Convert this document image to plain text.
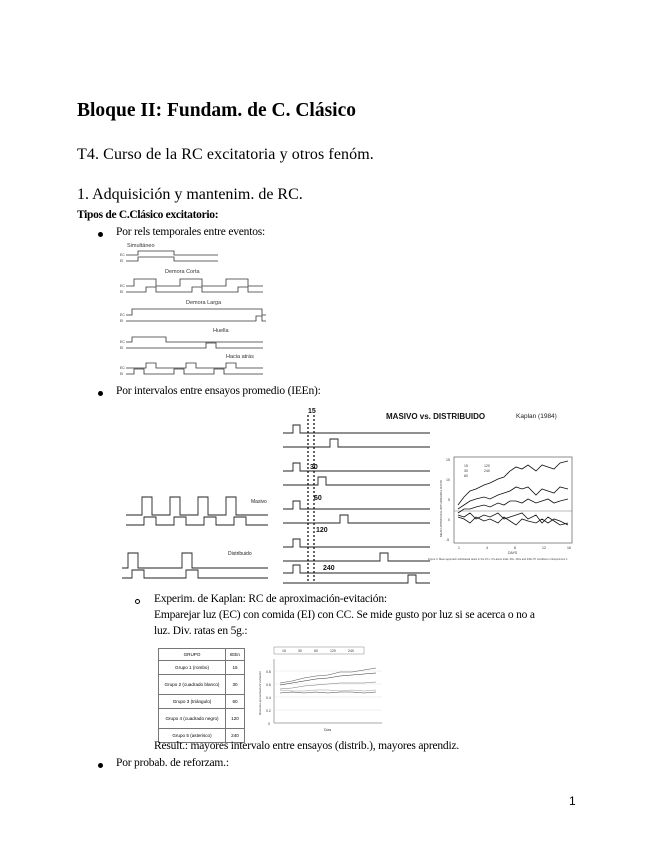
Bloque II: Fundam. de C. Clásico
T4. Curso de la RC excitatoria y otros fenóm.
1. Adquisición y mantenim. de RC.
Tipos de C.Clásico excitatorio:
Por rels temporales entre eventos:
Simultáneo
Demora Corta
Demora Larga
Huella
Hacia atrás
EC
EI
EC
EI
EC
EI
EC
EI
EC
EI
Por intervalos entre ensayos promedio (IEEn):
15
30
60
120
240
Masivo
Distribuido
MASIVO vs. DISTRIBUIDO	Kaplan (1984)
15
10
5
0
-5
1	4	8	12	16
DAYS
15
30
60
120
240
MEAN APPROACH-WITHDRAWAL RATIO
Figure 3. Mean approach-withdrawal ratios in the 15 s; CS-alone trials, 60s, 120s and 240s ITI conditions of Experiment 1.
Experim. de Kaplan: RC de aproximación-evitación:
Emparejar luz (EC) con comida (EI) con CC. Se mide gusto por luz si se acerca o no a
luz. Div. ratas en 5g.:
GRUPO	IEEn
Grupo 1 (rombo)	15
Grupo 2 (cuadrado blanco)	30
Grupo 3 (triángulo)	60
Grupo 4 (cuadrado negro)	120
Grupo 5 (asterisco)	240
15	30	60	120	240
0.8
0.6
0.4
0.2
0
Días
Razones aproximación/ evitación
Result.: mayores intervalo entre ensayos (distrib.), mayores aprendiz.
Por probab. de reforzam.:
1
